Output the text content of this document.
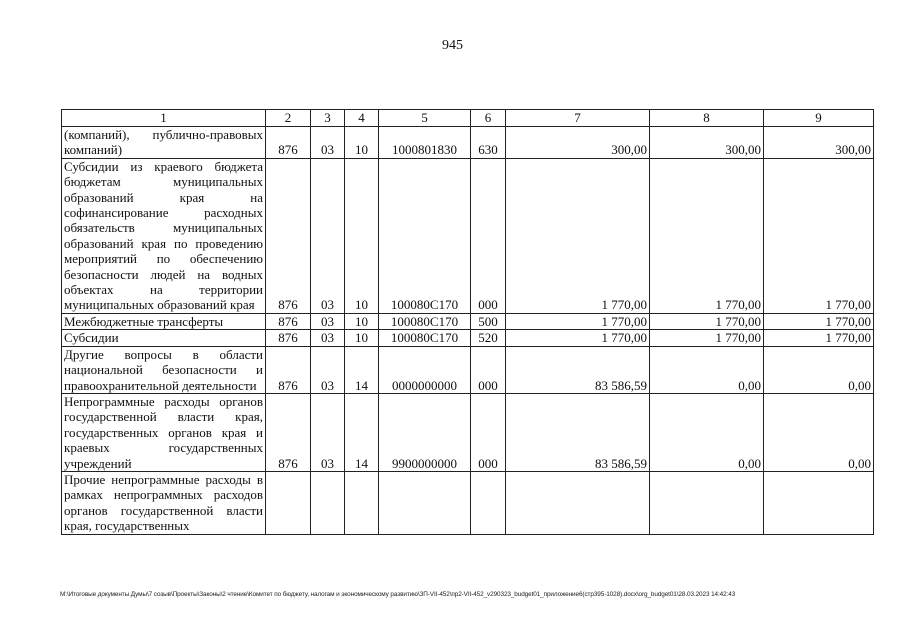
945
1	2	3	4	5	6	7	8	9
(компаний), публично-правовых компаний)	876	03	10	1000801830	630	300,00	300,00	300,00
Субсидии из краевого бюджета бюджетам муниципальных образований края на софинансирование расходных обязательств муниципальных образований края по проведению мероприятий по обеспечению безопасности людей на водных объектах на территории муниципальных образований края	876	03	10	100080С170	000	1 770,00	1 770,00	1 770,00
Межбюджетные трансферты	876	03	10	100080С170	500	1 770,00	1 770,00	1 770,00
Субсидии	876	03	10	100080С170	520	1 770,00	1 770,00	1 770,00
Другие вопросы в области национальной безопасности и правоохранительной деятельности	876	03	14	0000000000	000	83 586,59	0,00	0,00
Непрограммные расходы органов государственной власти края, государственных органов края и краевых государственных учреждений	876	03	14	9900000000	000	83 586,59	0,00	0,00
Прочие непрограммные расходы в рамках непрограммных расходов органов государственной власти края, государственных								
М:\Итоговые документы Думы\7 созыв\Проекты\Законы\2 чтение\Комитет по бюджету, налогам и экономическому развитию\ЗП-VII-452\пр2-VII-452_v290323_budget01_приложение6(стр395-1028).docx\org_budget01\28.03.2023 14:42:43
